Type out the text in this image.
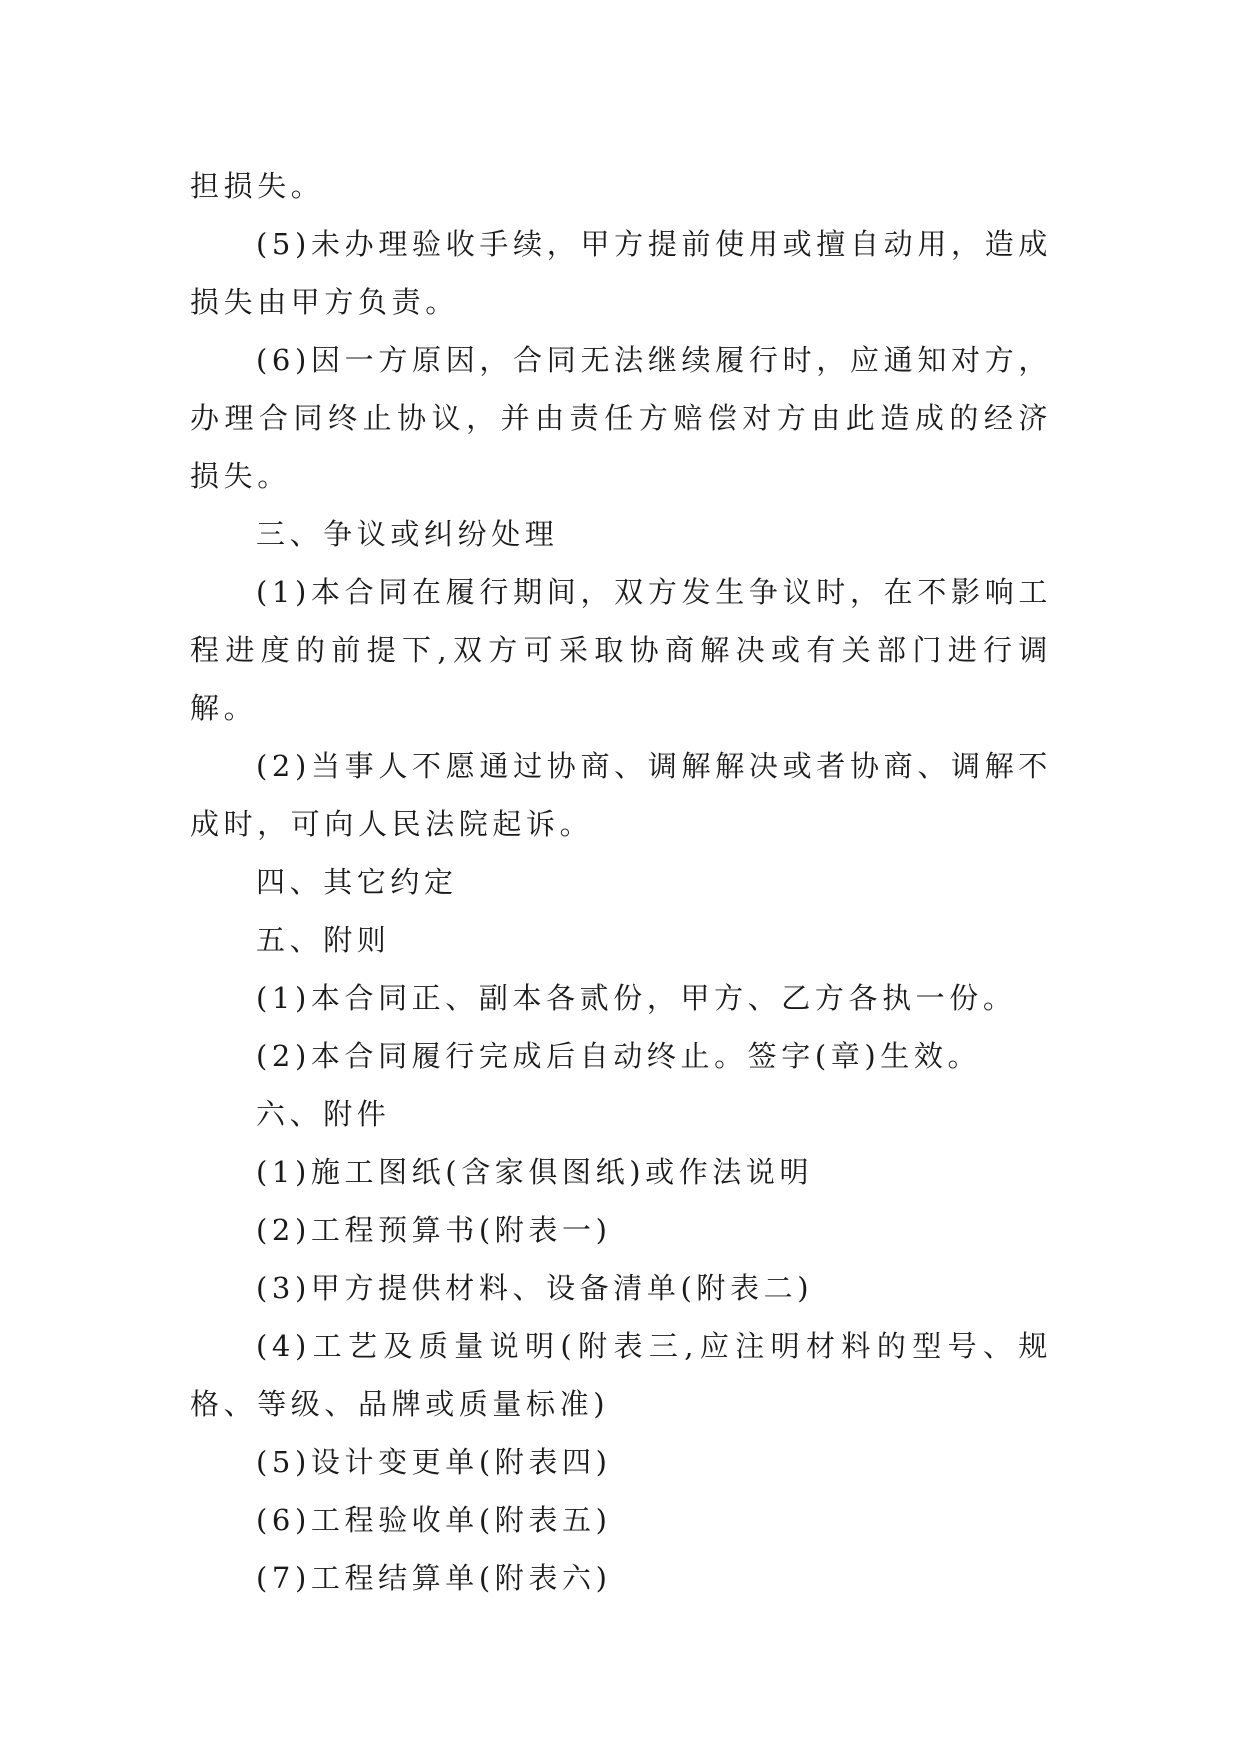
担损失。

(5)未办理验收手续，甲方提前使用或擅自动用，造成损失由甲方负责。

(6)因一方原因，合同无法继续履行时，应通知对方，办理合同终止协议，并由责任方赔偿对方由此造成的经济损失。

三、争议或纠纷处理

(1)本合同在履行期间，双方发生争议时，在不影响工程进度的前提下,双方可采取协商解决或有关部门进行调解。

(2)当事人不愿通过协商、调解解决或者协商、调解不成时，可向人民法院起诉。

四、其它约定

五、附则

(1)本合同正、副本各贰份，甲方、乙方各执一份。

(2)本合同履行完成后自动终止。签字(章)生效。

六、附件

(1)施工图纸(含家俱图纸)或作法说明

(2)工程预算书(附表一)

(3)甲方提供材料、设备清单(附表二)

(4)工艺及质量说明(附表三,应注明材料的型号、规格、等级、品牌或质量标准)

(5)设计变更单(附表四)

(6)工程验收单(附表五)

(7)工程结算单(附表六)
